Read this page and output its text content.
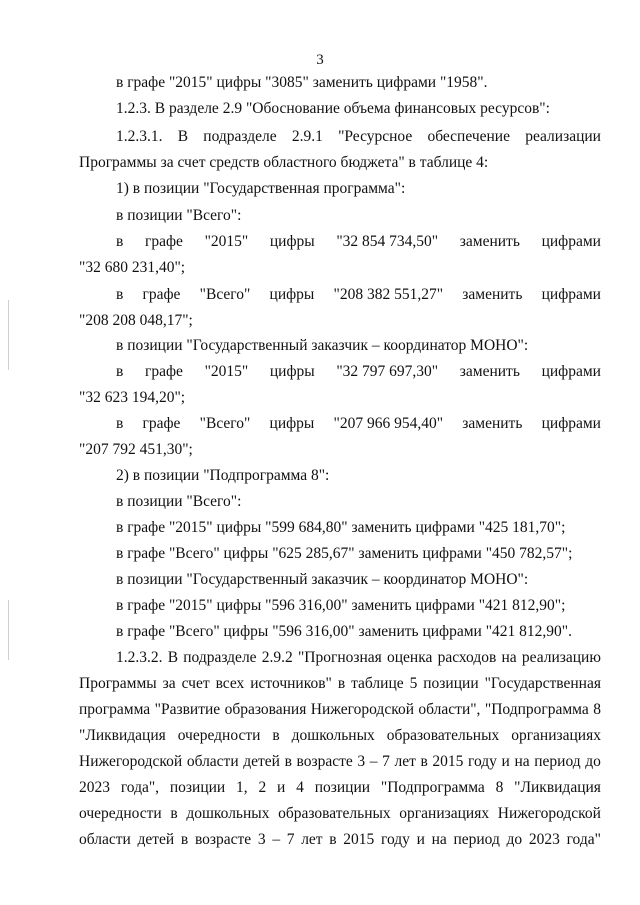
3
в графе "2015" цифры "3085" заменить цифрами "1958".
1.2.3. В разделе 2.9 "Обоснование объема финансовых ресурсов":
1.2.3.1. В подразделе 2.9.1 "Ресурсное обеспечение реализации
Программы за счет средств областного бюджета" в таблице 4:
1) в позиции "Государственная программа":
в позиции "Всего":
в графе "2015" цифры "32 854 734,50" заменить цифрами
"32 680 231,40";
в графе "Всего" цифры "208 382 551,27" заменить цифрами
"208 208 048,17";
в позиции "Государственный заказчик – координатор МОНО":
в графе "2015" цифры "32 797 697,30" заменить цифрами
"32 623 194,20";
в графе "Всего" цифры "207 966 954,40" заменить цифрами
"207 792 451,30";
2) в позиции "Подпрограмма 8":
в позиции "Всего":
в графе "2015" цифры "599 684,80" заменить цифрами "425 181,70";
в графе "Всего" цифры "625 285,67" заменить цифрами "450 782,57";
в позиции "Государственный заказчик – координатор МОНО":
в графе "2015" цифры "596 316,00" заменить цифрами "421 812,90";
в графе "Всего" цифры "596 316,00" заменить цифрами "421 812,90".
1.2.3.2. В подразделе 2.9.2 "Прогнозная оценка расходов на реализацию
Программы за счет всех источников" в таблице 5 позиции "Государственная
программа "Развитие образования Нижегородской области", "Подпрограмма 8
"Ликвидация очередности в дошкольных образовательных организациях
Нижегородской области детей в возрасте 3 – 7 лет в 2015 году и на период до
2023 года", позиции 1, 2 и 4 позиции "Подпрограмма 8 "Ликвидация
очередности в дошкольных образовательных организациях Нижегородской
области детей в возрасте 3 – 7 лет в 2015 году и на период до 2023 года"
